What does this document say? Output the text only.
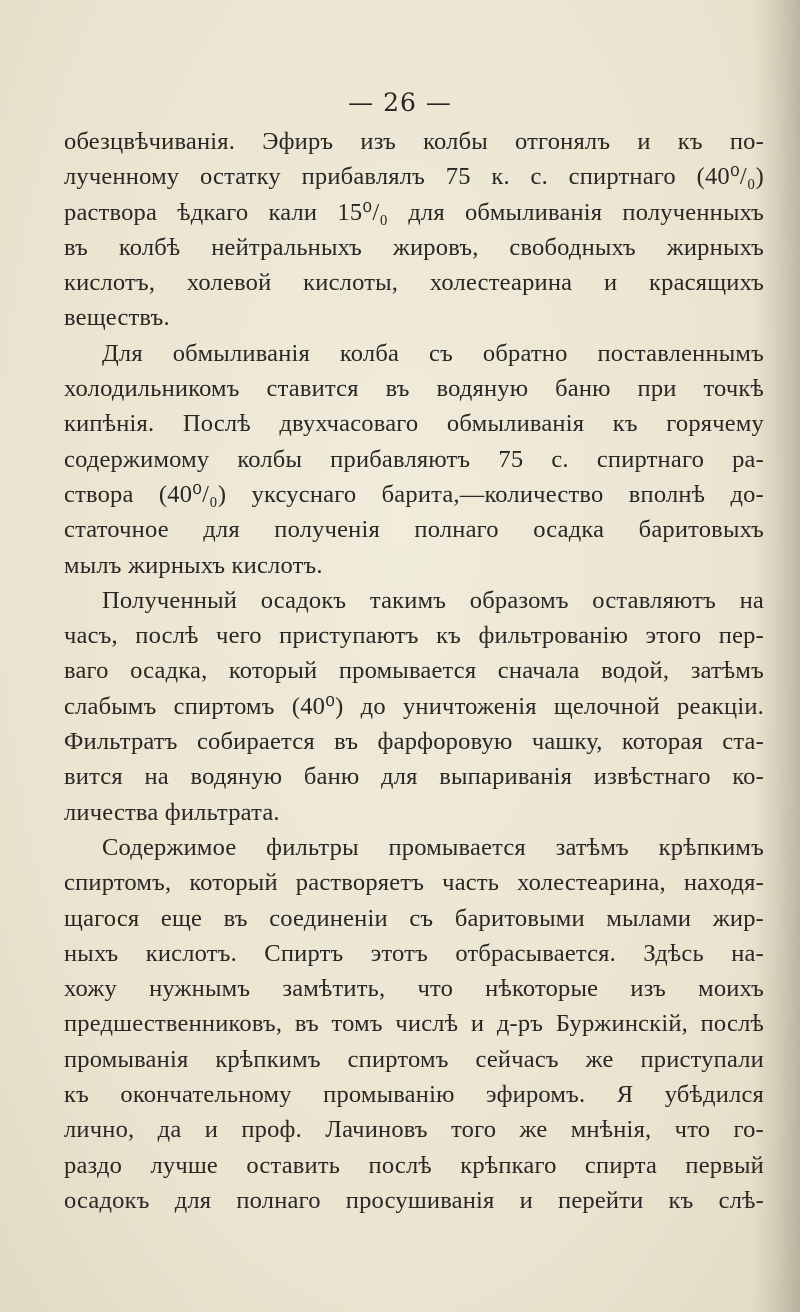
— 26 —
обезцвѣчиванія. Эфиръ изъ колбы отгонялъ и къ по-
лученному остатку прибавлялъ 75 к. с. спиртнаго (40⁰/₀)
раствора ѣдкаго кали 15⁰/₀ для обмыливанія полученныхъ
въ колбѣ нейтральныхъ жировъ, свободныхъ жирныхъ
кислотъ, холевой кислоты, холестеарина и красящихъ
веществъ.
Для обмыливанія колба съ обратно поставленнымъ
холодильникомъ ставится въ водяную баню при точкѣ
кипѣнія. Послѣ двухчасоваго обмыливанія къ горячему
содержимому колбы прибавляютъ 75 с. спиртнаго ра-
створа (40⁰/₀) уксуснаго барита,—количество вполнѣ до-
статочное для полученія полнаго осадка баритовыхъ
мылъ жирныхъ кислотъ.
Полученный осадокъ такимъ образомъ оставляютъ на
часъ, послѣ чего приступаютъ къ фильтрованію этого пер-
ваго осадка, который промывается сначала водой, затѣмъ
слабымъ спиртомъ (40⁰) до уничтоженія щелочной реакціи.
Фильтратъ собирается въ фарфоровую чашку, которая ста-
вится на водяную баню для выпариванія извѣстнаго ко-
личества фильтрата.
Содержимое фильтры промывается затѣмъ крѣпкимъ
спиртомъ, который растворяетъ часть холестеарина, находя-
щагося еще въ соединеніи съ баритовыми мылами жир-
ныхъ кислотъ. Спиртъ этотъ отбрасывается. Здѣсь на-
хожу нужнымъ замѣтить, что нѣкоторые изъ моихъ
предшественниковъ, въ томъ числѣ и д-ръ Буржинскій, послѣ
промыванія крѣпкимъ спиртомъ сейчасъ же приступали
къ окончательному промыванію эфиромъ. Я убѣдился
лично, да и проф. Лачиновъ того же мнѣнія, что го-
раздо лучше оставить послѣ крѣпкаго спирта первый
осадокъ для полнаго просушиванія и перейти къ слѣ-
